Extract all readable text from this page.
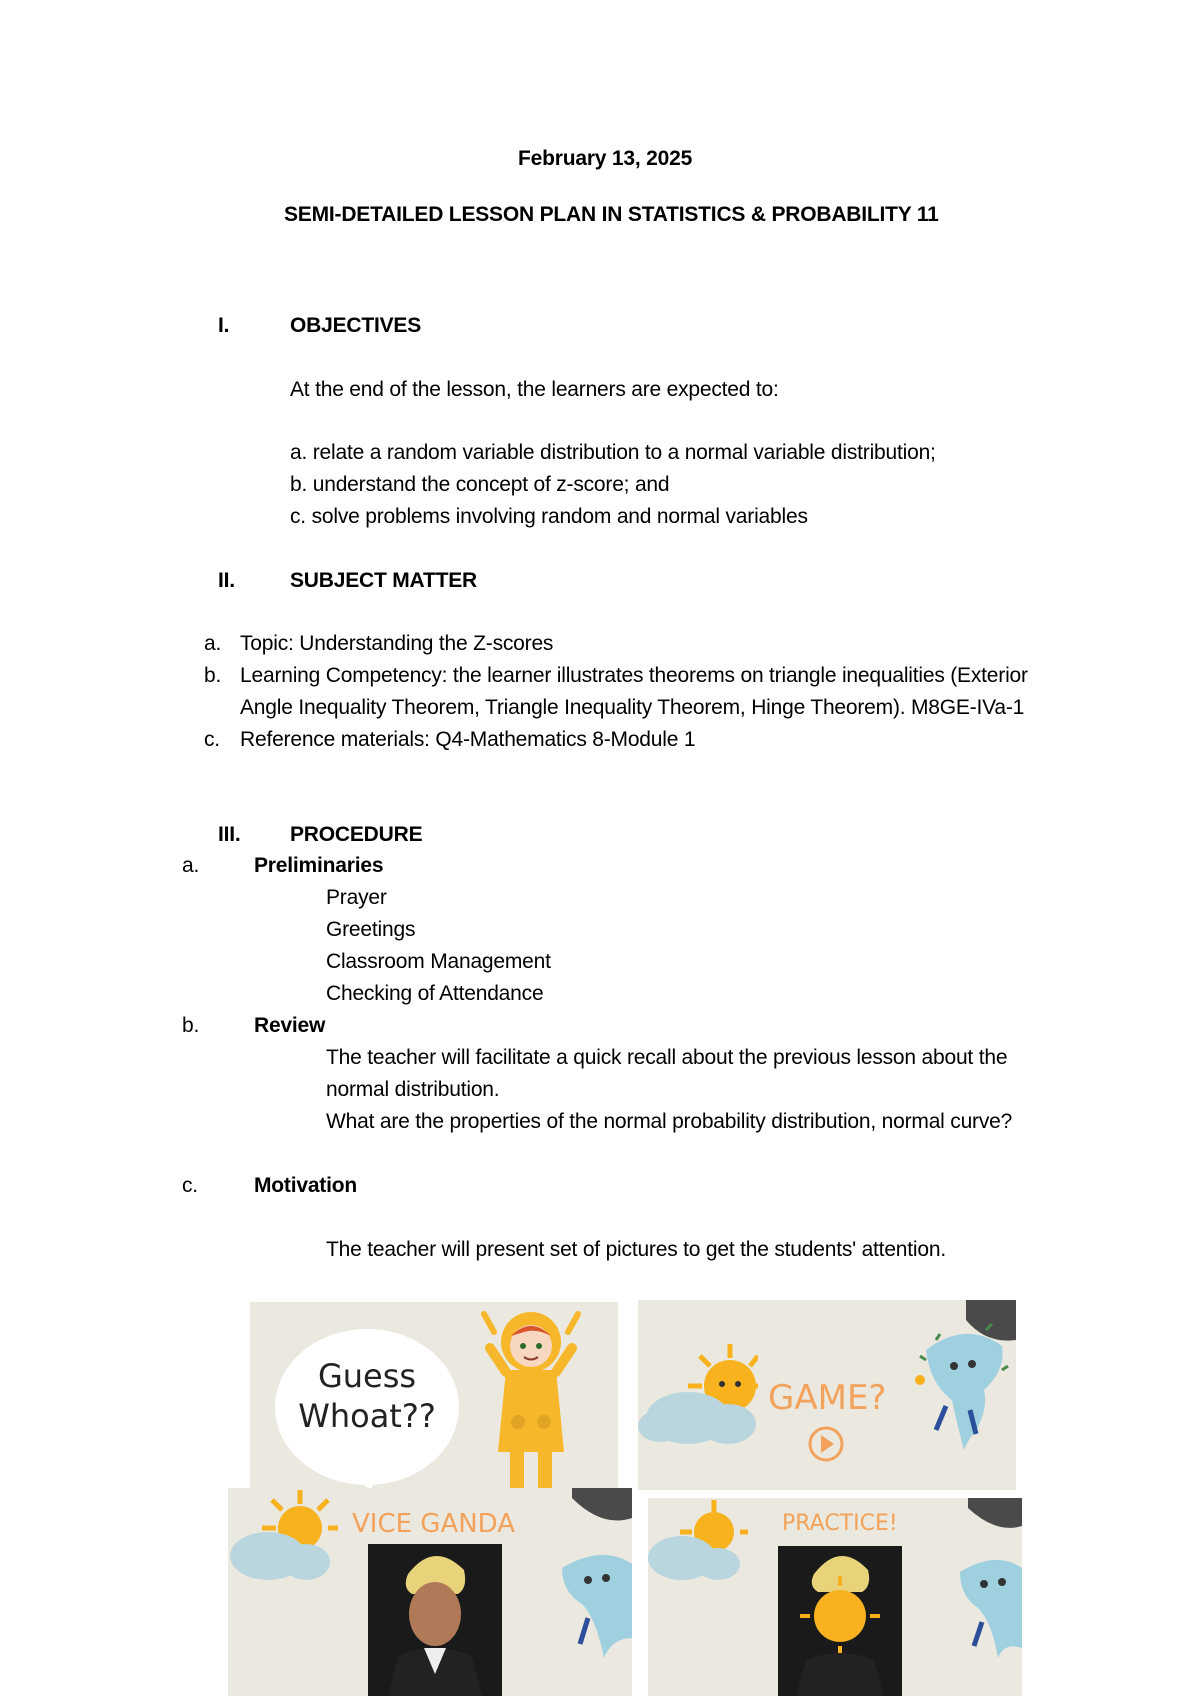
February 13, 2025
SEMI-DETAILED LESSON PLAN IN STATISTICS & PROBABILITY 11
I.	OBJECTIVES
At the end of the lesson, the learners are expected to:
a. relate a random variable distribution to a normal variable distribution;
b. understand the concept of z-score; and
c. solve problems involving random and normal variables
II.	SUBJECT MATTER
a. Topic: Understanding the Z-scores
b. Learning Competency: the learner illustrates theorems on triangle inequalities (Exterior
Angle Inequality Theorem, Triangle Inequality Theorem, Hinge Theorem). M8GE-IVa-1
c. Reference materials: Q4-Mathematics 8-Module 1
III. PROCEDURE
a.	Preliminaries
Prayer
Greetings
Classroom Management
Checking of Attendance
b.	Review
The teacher will facilitate a quick recall about the previous lesson about the
normal distribution.
What are the properties of the normal probability distribution, normal curve?
c.	Motivation
The teacher will present set of pictures to get the students' attention.
Guess
Whoat??	GAME?
VICE GANDA	PRACTICE!
